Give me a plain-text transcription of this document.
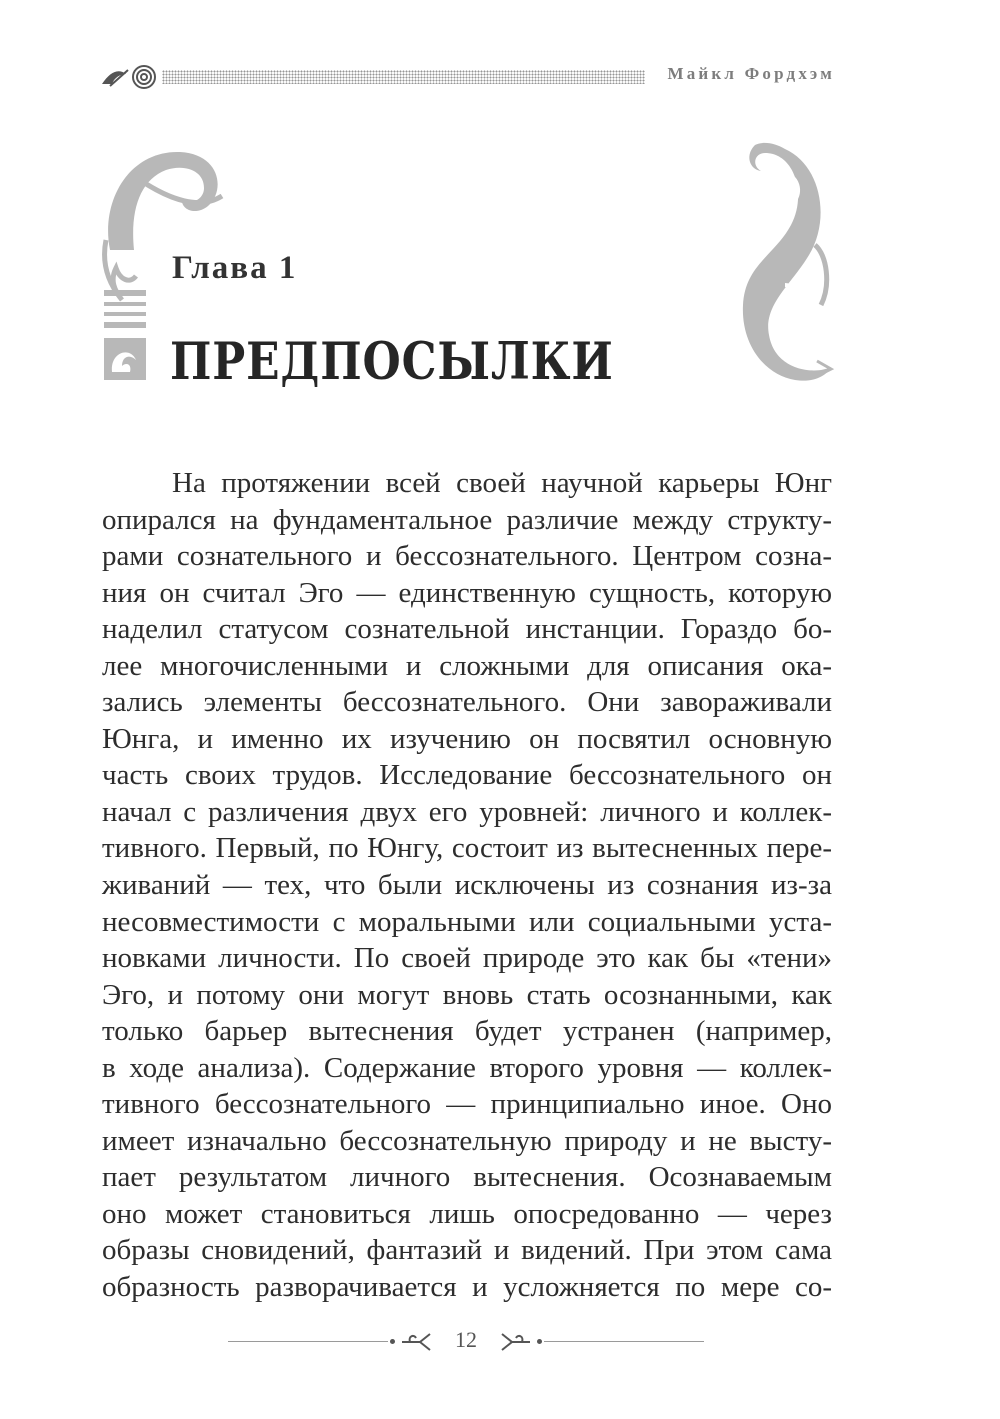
Майкл Фордхэм
Глава 1
ПРЕДПОСЫЛКИ
На протяжении всей своей научной карьеры Юнг
опирался на фундаментальное различие между структу-
рами сознательного и бессознательного. Центром созна-
ния он считал Эго — единственную сущность, которую
наделил статусом сознательной инстанции. Гораздо бо-
лее многочисленными и сложными для описания ока-
зались элементы бессознательного. Они завораживали
Юнга, и именно их изучению он посвятил основную
часть своих трудов. Исследование бессознательного он
начал с различения двух его уровней: личного и коллек-
тивного. Первый, по Юнгу, состоит из вытесненных пере-
живаний — тех, что были исключены из сознания из-за
несовместимости с моральными или социальными уста-
новками личности. По своей природе это как бы «тени»
Эго, и потому они могут вновь стать осознанными, как
только барьер вытеснения будет устранен (например,
в ходе анализа). Содержание второго уровня — коллек-
тивного бессознательного — принципиально иное. Оно
имеет изначально бессознательную природу и не высту-
пает результатом личного вытеснения. Осознаваемым
оно может становиться лишь опосредованно — через
образы сновидений, фантазий и видений. При этом сама
образность разворачивается и усложняется по мере со-
12
